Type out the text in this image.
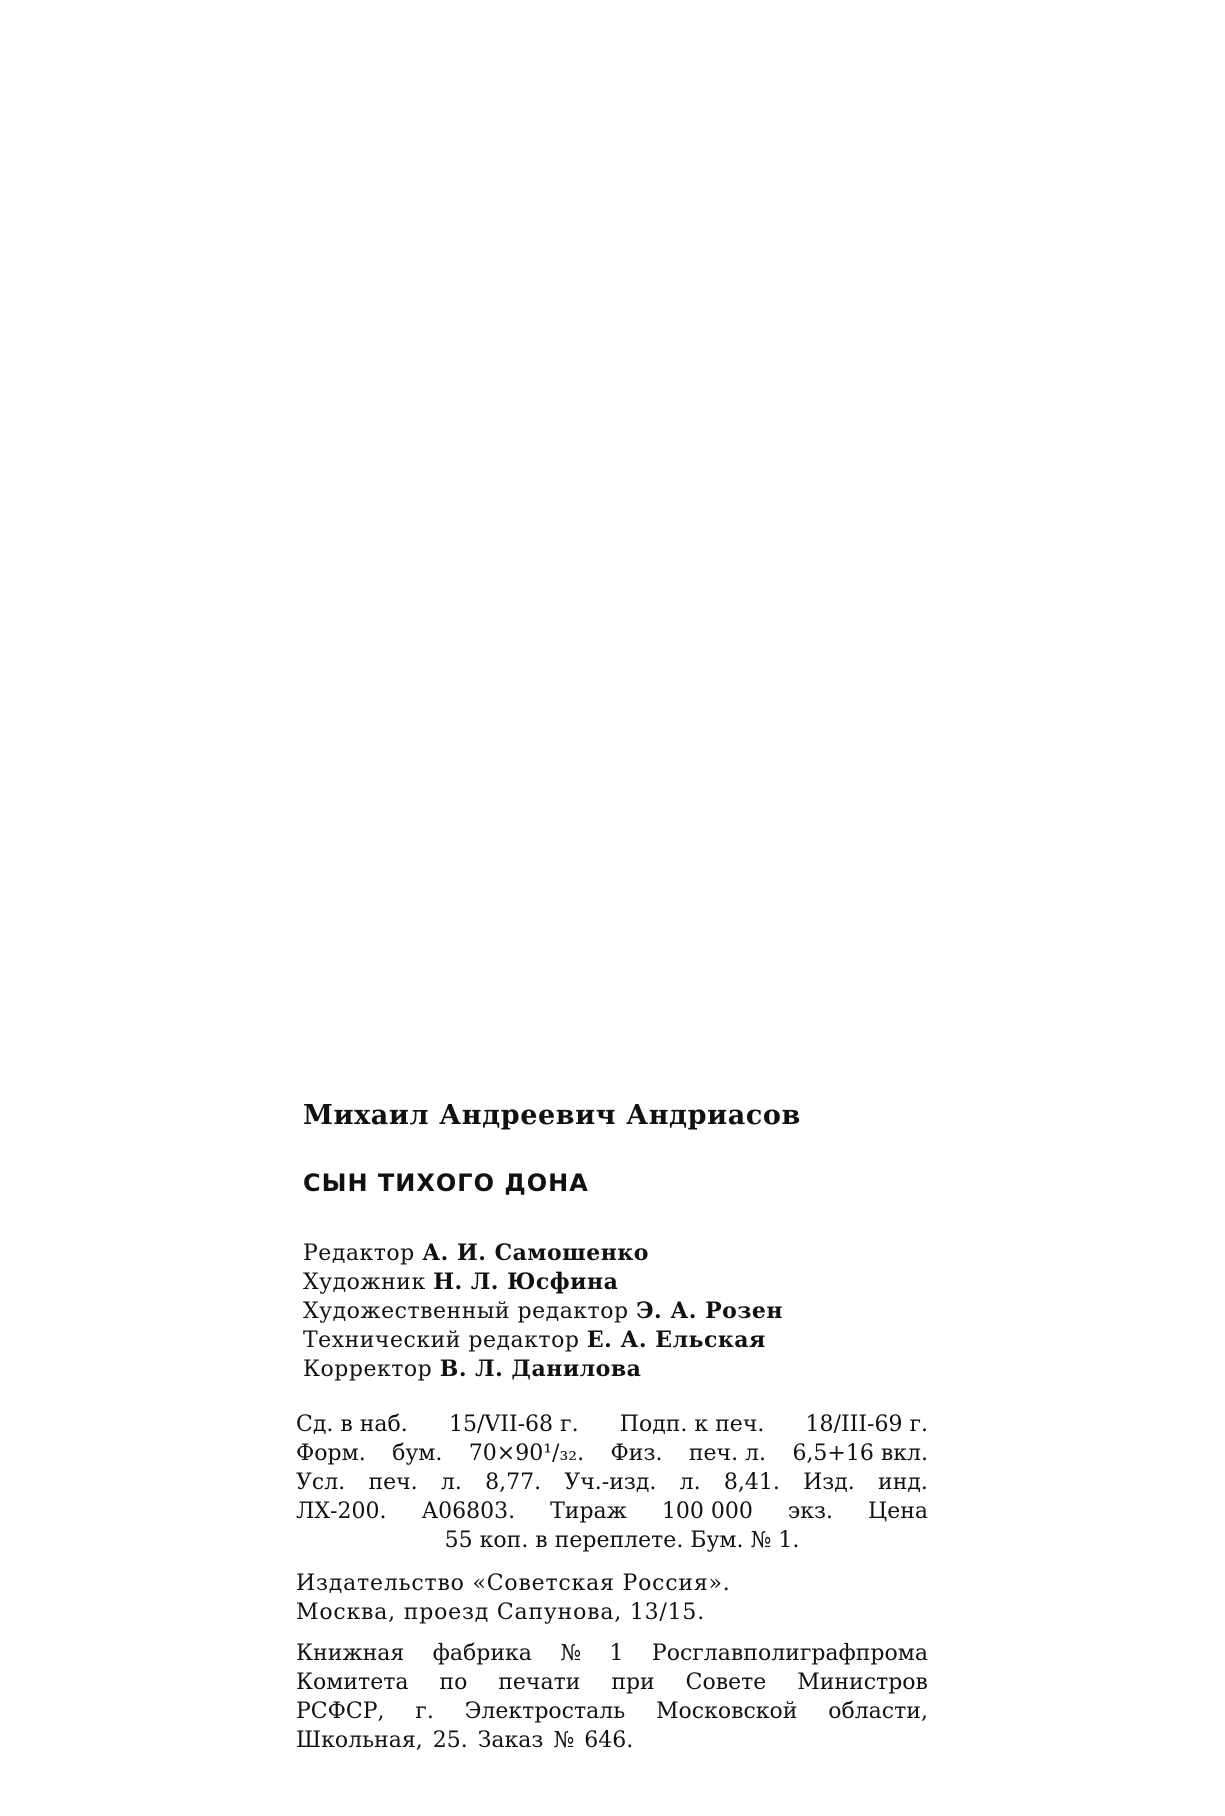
Михаил Андреевич Андриасов
СЫН ТИХОГО ДОНА
Редактор А. И. Самошенко
Художник Н. Л. Юсфина
Художественный редактор Э. А. Розен
Технический редактор Е. А. Ельская
Корректор В. Л. Данилова
Сд. в наб. 15/VII-68 г. Подп. к печ. 18/III-69 г.
Форм. бум. 70×90¹/₃₂. Физ. печ. л. 6,5+16 вкл.
Усл. печ. л. 8,77. Уч.-изд. л. 8,41. Изд. инд.
ЛХ-200. А06803. Тираж 100 000 экз. Цена
55 коп. в переплете. Бум. № 1.
Издательство «Советская Россия».
Москва, проезд Сапунова, 13/15.
Книжная фабрика № 1 Росглавполиграфпрома
Комитета по печати при Совете Министров
РСФСР, г. Электросталь Московской области,
Школьная, 25. Заказ № 646.
